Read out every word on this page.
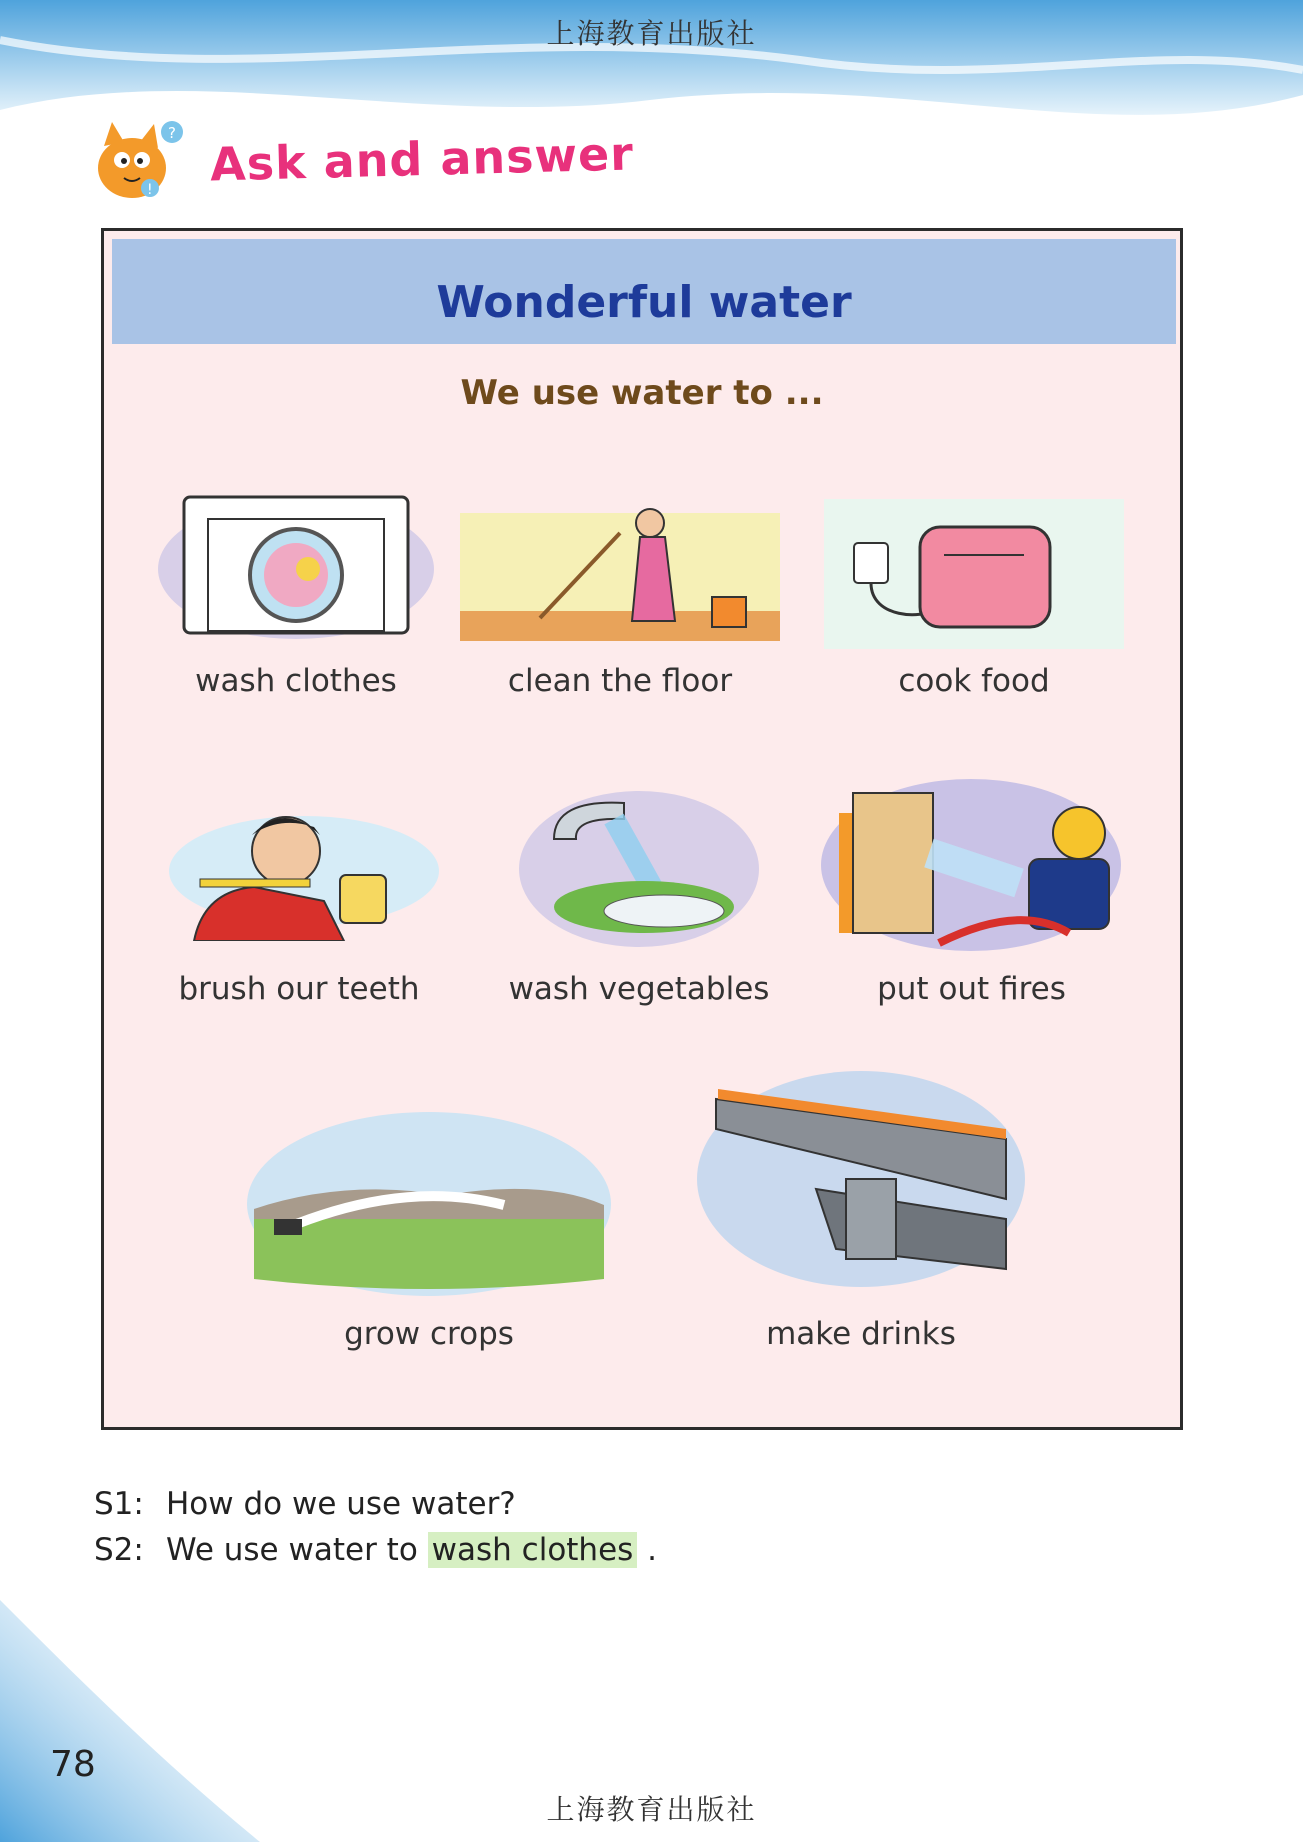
上海教育出版社
?
! Ask and answer
Wonderful water
We use water to ...
wash clothes	clean the floor	cook food
brush our teeth	wash vegetables	put out fires
grow crops	make drinks
S1: How do we use water?
S2: We use water to wash clothes .
78
上海教育出版社
